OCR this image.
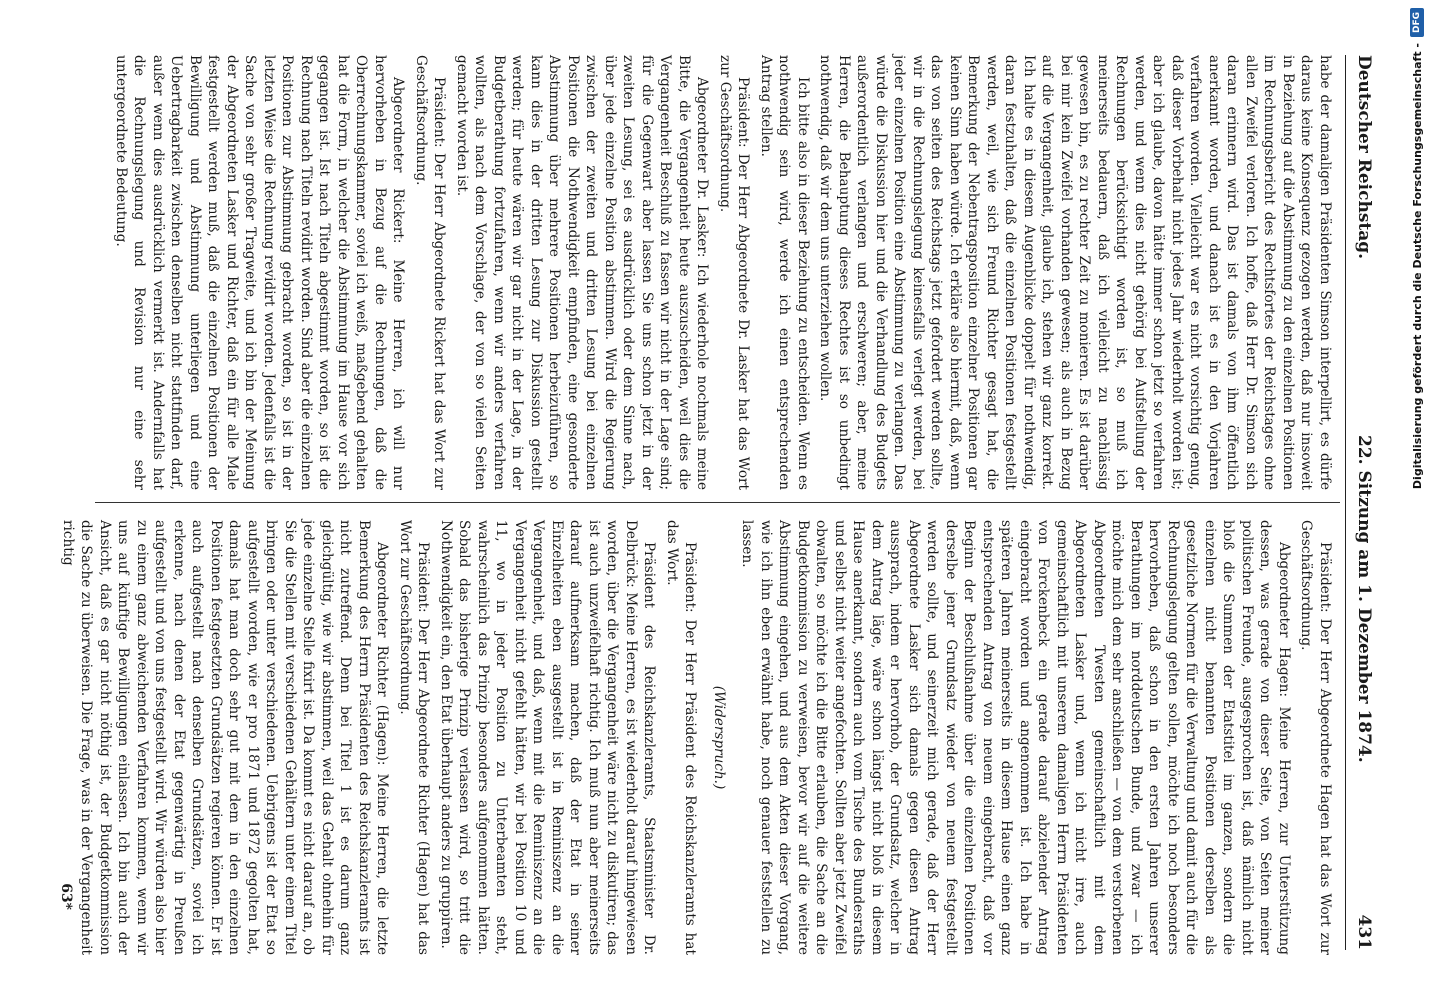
Deutscher Reichstag.
22. Sitzung am 1. Dezember 1874.
431

habe der damaligen Präsidenten Simson interpellirt, es dürfe daraus keine Konsequenz gezogen werden, daß nur insoweit in Beziehung auf die Abstimmung zu den einzelnen Positionen im Rechnungsbericht des Rechtsfortes der Reichstages ohne allen Zweifel verloren. Ich hoffe, daß Herr Dr. Simson sich daran erinnern wird. Das ist damals von ihm öffentlich anerkannt worden, und danach ist es in den Vorjahren verfahren worden. Vielleicht war es nicht vorsichtig genug, daß dieser Vorbehalt nicht jedes Jahr wiederholt worden ist; aber ich glaube, davon hätte immer schon jetzt so verfahren werden, und wenn dies nicht gehörig bei Aufstellung der Rechnungen berücksichtigt worden ist, so muß ich meinerseits bedauern, daß ich vielleicht zu nachlässig gewesen bin, es zu rechter Zeit zu monieren. Es ist darüber bei mir kein Zweifel vorhanden gewesen; als auch in Bezug auf die Vergangenheit, glaube ich, stehen wir ganz korrekt. Ich halte es in diesem Augenblicke doppelt für nothwendig, daran festzuhalten, daß die einzelnen Positionen festgestellt werden, weil, wie sich Freund Richter gesagt hat, die Bemerkung der Nebentragsposition einzelner Positionen gar keinen Sinn haben würde. Ich erkläre also hiermit, daß, wenn das von seiten des Reichstags jetzt gefordert werden sollte, wir in die Rechnungslegung keinesfalls verlegt werden, bei jeder einzelnen Position eine Abstimmung zu verlangen. Das würde die Diskussion hier und die Verhandlung des Budgets außerordentlich verlangen und erschweren; aber, meine Herren, die Behauptung dieses Rechtes ist so unbedingt nothwendig, daß wir dem uns unterziehen wollen.

Ich bitte also in dieser Beziehung zu entscheiden. Wenn es nothwendig sein wird, werde ich einen entsprechenden Antrag stellen.

Präsident: Der Herr Abgeordnete Dr. Lasker hat das Wort zur Geschäftsordnung.

Abgeordneter Dr. Lasker: Ich wiederhole nochmals meine Bitte, die Vergangenheit heute auszuscheiden, weil dies die Vergangenheit Beschluß zu fassen wir nicht in der Lage sind; für die Gegenwart aber lassen Sie uns schon jetzt in der zweiten Lesung, sei es ausdrücklich oder dem Sinne nach, über jede einzelne Position abstimmen. Wird die Regierung zwischen der zweiten und dritten Lesung bei einzelnen Positionen die Nothwendigkeit empfinden, eine gesonderte Abstimmung über mehrere Positionen herbeizuführen, so kann dies in der dritten Lesung zur Diskussion gestellt werden; für heute wären wir gar nicht in der Lage, in der Budgetberathung fortzufahren, wenn wir anders verfahren wollten, als nach dem Vorschlage, der von so vielen Seiten gemacht worden ist.

Präsident: Der Herr Abgeordnete Rickert hat das Wort zur Geschäftsordnung.

Abgeordneter Rickert: Meine Herren, ich will nur hervorheben in Bezug auf die Rechnungen, daß die Oberrechnungskammer, soviel ich weiß, maßgebend gehalten hat die Form, in welcher die Abstimmung im Hause vor sich gegangen ist. Ist nach Titeln abgestimmt worden, so ist die Rechnung nach Titeln revidirt worden. Sind aber die einzelnen Positionen zur Abstimmung gebracht worden, so ist in der letzten Weise die Rechnung revidirt worden. Jedenfalls ist die Sache von sehr großer Tragweite, und ich bin der Meinung der Abgeordneten Lasker und Richter, daß ein für alle Male festgestellt werden muß, daß die einzelnen Positionen der Bewilligung und Abstimmung unterliegen und eine Uebertragbarkeit zwischen denselben nicht stattfinden darf, außer wenn dies ausdrücklich vermerkt ist. Andernfalls hat die Rechnungslegung und Revision nur eine sehr untergeordnete Bedeutung.

Präsident: Der Herr Abgeordnete Hagen hat das Wort zur Geschäftsordnung.

Abgeordneter Hagen: Meine Herren, zur Unterstützung dessen, was gerade von dieser Seite, von Seiten meiner politischen Freunde, ausgesprochen ist, daß nämlich nicht bloß die Summen der Etatstitel im ganzen, sondern die einzelnen nicht benannten Positionen derselben als gesetzliche Normen für die Verwaltung und damit auch für die Rechnungslegung gelten sollen, möchte ich noch besonders hervorheben, daß schon in den ersten Jahren unserer Berathungen im norddeutschen Bunde, und zwar — ich möchte mich dem sehr anschließen — von dem verstorbenen Abgeordneten Twesten gemeinschaftlich mit dem Abgeordneten Lasker und, wenn ich nicht irre, auch gemeinschaftlich mit unserem damaligen Herrn Präsidenten von Forckenbeck ein gerade darauf abzielender Antrag eingebracht worden und angenommen ist. Ich habe in späteren Jahren meinerseits in diesem Hause einen ganz entsprechenden Antrag von neuem eingebracht, daß vor Beginn der Beschlußnahme über die einzelnen Positionen derselbe jener Grundsatz wieder von neuem festgestellt werden sollte, und seinerzeit mich gerade, daß der Herr Abgeordnete Lasker sich damals gegen diesen Antrag aussprach, indem er hervorhob, der Grundsatz, welcher in dem Antrag läge, wäre schon längst nicht bloß in diesem Hause anerkannt, sondern auch vom Tische des Bundesraths und selbst nicht weiter angefochten. Sollten aber jetzt Zweifel obwalten, so möchte ich die Bitte erlauben, die Sache an die Budgetkommission zu verweisen, bevor wir auf die weitere Abstimmung eingehen, und aus dem Akten dieser Vorgang, wie ich ihn eben erwähnt habe, noch genauer feststellen zu lassen.

(Widerspruch.)

Präsident: Der Herr Präsident des Reichskanzleramts hat das Wort.

Präsident des Reichskanzleramts, Staatsminister Dr. Delbrück: Meine Herren, es ist wiederholt darauf hingewiesen worden, über die Vergangenheit wäre nicht zu diskutiren; das ist auch unzweifelhaft richtig. Ich muß nun aber meinerseits darauf aufmerksam machen, daß der Etat in seiner Einzelheiten eben ausgestellt ist in Reminiszenz an die Vergangenheit, und daß, wenn mit die Reminiszenz an die Vergangenheit nicht gefehlt hätten, wir bei Position 10 und 11, wo in jeder Position zu Unterbeamten steht, wahrscheinlich das Prinzip besonders aufgenommen hätten. Sobald das bisherige Prinzip verlassen wird, so tritt die Nothwendigkeit ein, den Etat überhaupt anders zu gruppiren.

Präsident: Der Herr Abgeordnete Richter (Hagen) hat das Wort zur Geschäftsordnung.

Abgeordneter Richter (Hagen): Meine Herren, die letzte Bemerkung des Herrn Präsidenten des Reichskanzleramts ist nicht zutreffend. Denn bei Titel 1 ist es darum ganz gleichgültig, wie wir abstimmen, weil das Gehalt ohnehin für jede einzelne Stelle fixirt ist. Da kommt es nicht darauf an, ob Sie die Stellen mit verschiedenen Gehältern unter einem Titel bringen oder unter verschiedenen. Uebrigens ist der Etat so aufgestellt worden, wie er pro 1871 und 1872 gegolten hat, damals hat man doch sehr gut mit dem in den einzelnen Positionen festgesetzten Grundsätzen regieren können. Er ist auch aufgestellt nach denselben Grundsätzen, soviel ich erkenne, nach denen der Etat gegenwärtig in Preußen aufgestellt und von uns festgestellt wird. Wir würden also hier zu einem ganz abweichenden Verfahren kommen, wenn wir uns auf künftige Bewilligungen einlassen. Ich bin auch der Ansicht, daß es gar nicht nöthig ist, der Budgetkommission die Sache zu überweisen. Die Frage, was in der Vergangenheit richtig

63*
Digitalisierung gefördert durch die Deutsche Forschungsgemeinschaft -
DFG
